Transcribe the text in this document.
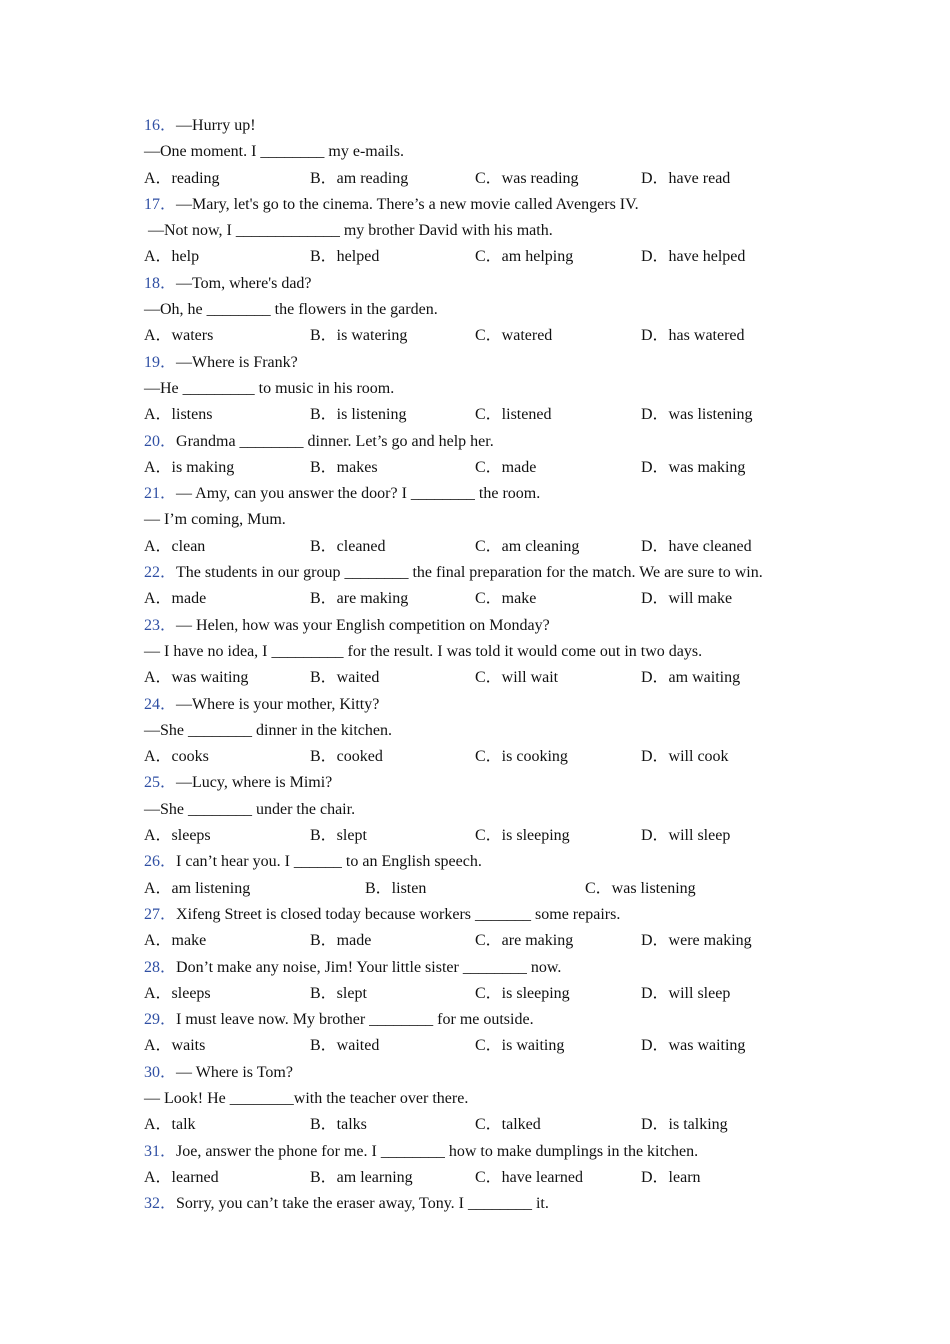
16．—Hurry up!
—One moment. I ________ my e-mails.
A．reading	B．am reading	C．was reading	D．have read
17．—Mary, let's go to the cinema. There’s a new movie called Avengers IV.
—Not now, I _____________ my brother David with his math.
A．help	B．helped	C．am helping	D．have helped
18．—Tom, where's dad?
—Oh, he ________ the flowers in the garden.
A．waters	B．is watering	C．watered	D．has watered
19．—Where is Frank?
—He _________ to music in his room.
A．listens	B．is listening	C．listened	D．was listening
20．Grandma ________ dinner. Let’s go and help her.
A．is making	B．makes	C．made	D．was making
21．— Amy, can you answer the door? I ________ the room.
— I’m coming, Mum.
A．clean	B．cleaned	C．am cleaning	D．have cleaned
22．The students in our group ________ the final preparation for the match. We are sure to win.
A．made	B．are making	C．make	D．will make
23．— Helen, how was your English competition on Monday?
— I have no idea, I _________ for the result. I was told it would come out in two days.
A．was waiting	B．waited	C．will wait	D．am waiting
24．—Where is your mother, Kitty?
—She ________ dinner in the kitchen.
A．cooks	B．cooked	C．is cooking	D．will cook
25．—Lucy, where is Mimi?
—She ________ under the chair.
A．sleeps	B．slept	C．is sleeping	D．will sleep
26．I can’t hear you. I ______ to an English speech.
A．am listening	B．listen	C．was listening
27．Xifeng Street is closed today because workers _______ some repairs.
A．make	B．made	C．are making	D．were making
28．Don’t make any noise, Jim! Your little sister ________ now.
A．sleeps	B．slept	C．is sleeping	D．will sleep
29．I must leave now. My brother ________ for me outside.
A．waits	B．waited	C．is waiting	D．was waiting
30．— Where is Tom?
— Look! He ________with the teacher over there.
A．talk	B．talks	C．talked	D．is talking
31．Joe, answer the phone for me. I ________ how to make dumplings in the kitchen.
A．learned	B．am learning	C．have learned	D．learn
32．Sorry, you can’t take the eraser away, Tony. I ________ it.
